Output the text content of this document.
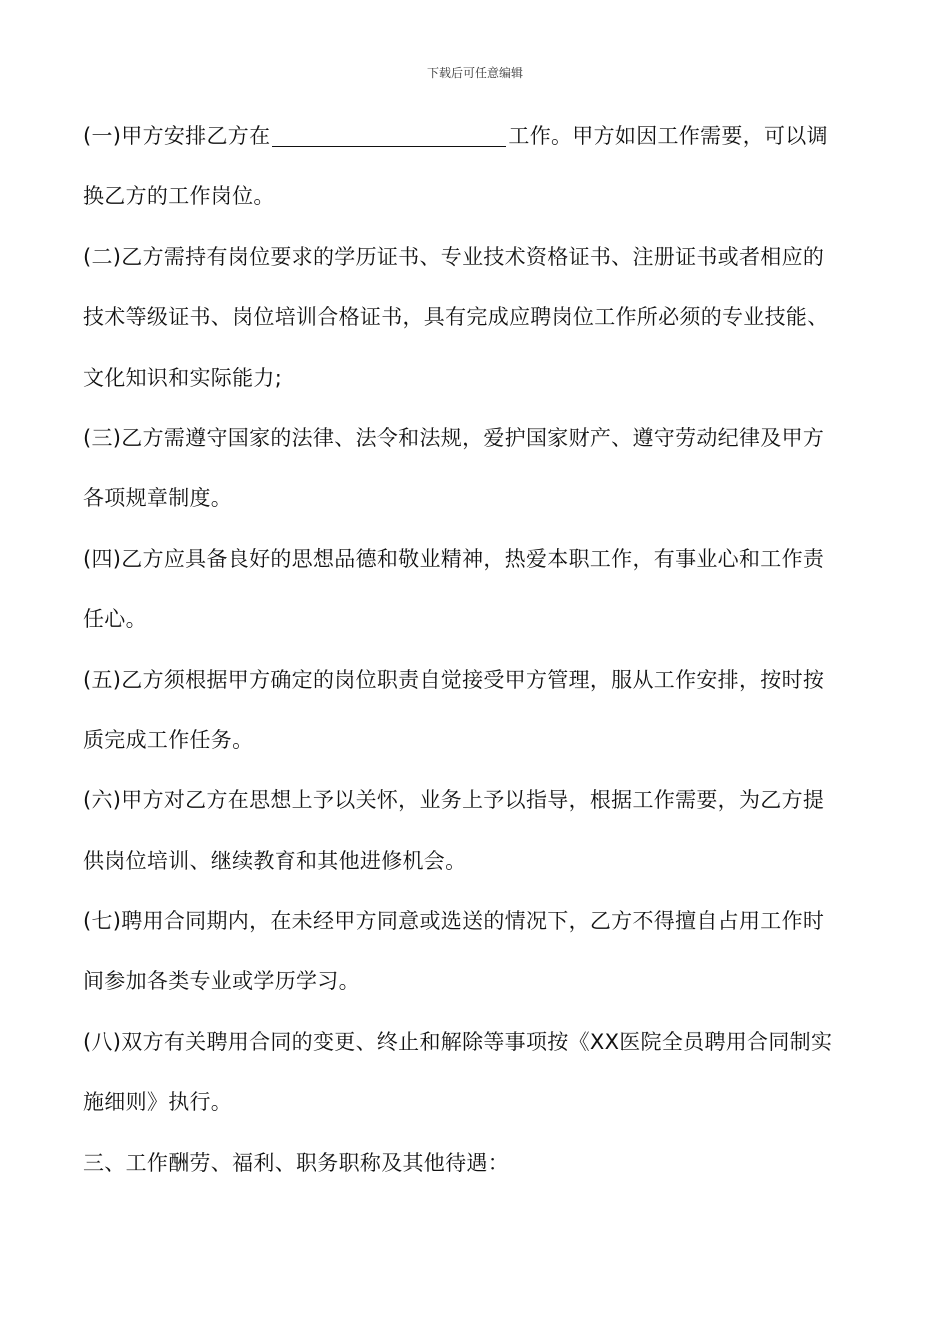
下载后可任意编辑
(一)甲方安排乙方在	工作。甲方如因工作需要，可以调
换乙方的工作岗位。
(二)乙方需持有岗位要求的学历证书、专业技术资格证书、注册证书或者相应的
技术等级证书、岗位培训合格证书，具有完成应聘岗位工作所必须的专业技能、
文化知识和实际能力;
(三)乙方需遵守国家的法律、法令和法规，爱护国家财产、遵守劳动纪律及甲方
各项规章制度。
(四)乙方应具备良好的思想品德和敬业精神，热爱本职工作，有事业心和工作责
任心。
(五)乙方须根据甲方确定的岗位职责自觉接受甲方管理，服从工作安排，按时按
质完成工作任务。
(六)甲方对乙方在思想上予以关怀，业务上予以指导，根据工作需要，为乙方提
供岗位培训、继续教育和其他进修机会。
(七)聘用合同期内，在未经甲方同意或选送的情况下，乙方不得擅自占用工作时
间参加各类专业或学历学习。
(八)双方有关聘用合同的变更、终止和解除等事项按《XX医院全员聘用合同制实
施细则》执行。
三、工作酬劳、福利、职务职称及其他待遇：
